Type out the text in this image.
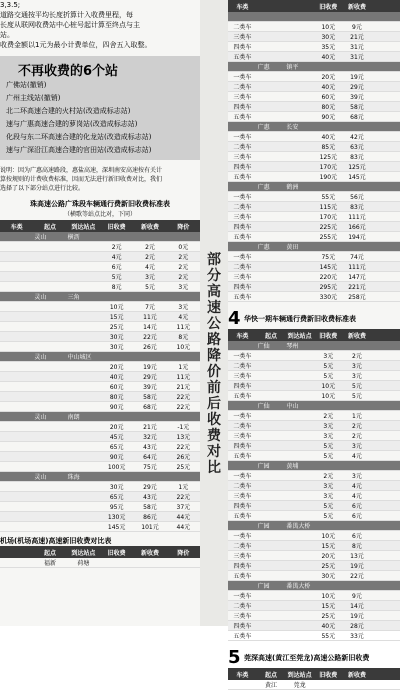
3,3.5;
道路交通按平均长度折算计入收费里程，每
长度从联网收费站中心桩号起计算至终点与主
站。
收费金额以1元为最小计费单位，四舍五入取整。
不再收费的6个站
广佛站(撤销)
广州主线站(撤销)
北二环高速合建的火村站(改造成标志站)
速与广惠高速合建的萝岗站(改造成标志站)
化段与东二环高速合建的化龙站(改造成标志站)
速与广深沿江高速合建的官田站(改造成标志站)
说明：因为广惠高速路段，惠盐高速，深圳南安高速按有关计
算按规则的计费收费标准，因而无法进行新旧收费对比，我们
选择了以下部分站点进行比较。
珠高速公路广珠段车辆通行费新旧收费标准表
（横歌等站点比对，下同）
车类	起点	到达站点	旧收费	新收费	降价
	灵山	横沥			
			2元	2元	0元
			4元	2元	2元
			6元	4元	2元
			5元	3元	2元
			8元	5元	3元
	灵山	三角			
			10元	7元	3元
			15元	11元	4元
			25元	14元	11元
			30元	22元	8元
			30元	26元	10元
	灵山	中山城区			
			20元	19元	1元
			40元	29元	11元
			60元	39元	21元
			80元	58元	22元
			90元	68元	22元
	灵山	南朗			
			20元	21元	-1元
			45元	32元	13元
			65元	43元	22元
			90元	64元	26元
			100元	75元	25元
	灵山	珠海			
			30元	29元	1元
			65元	43元	22元
			95元	58元	37元
			130元	86元	44元
			145元	101元	44元
机场(机场高速)高速新旧收费对比表
	起点	到达站点	旧收费	新收费	降价
	福新	荷塘			
部
分
高
速
公
路
降
价
前
后
收
费
对
比
车类			旧收费	新收费	

二类车			10元	9元	
三类车			30元	21元	
四类车			35元	31元	
五类车			40元	31元	
	广惠	镇平			
一类车			20元	19元	
二类车			40元	29元	
三类车			60元	39元	
四类车			80元	58元	
五类车			90元	68元	
	广惠	长安			
一类车			40元	42元	
二类车			85元	63元	
三类车			125元	83元	
四类车			170元	125元	
五类车			190元	145元	
	广惠	鹤洲			
一类车			55元	56元	
二类车			115元	83元	
三类车			170元	111元	
四类车			225元	166元	
五类车			255元	194元	
	广惠	黄田			
一类车			75元	74元	
二类车			145元	111元	
三类车			220元	147元	
四类车			295元	221元	
五类车			330元	258元	
4 华快一期车辆通行费新旧收费标准表
车类	起点	到达站点	旧收费	新收费	
	广仙	琴州			
一类车			3元	2元	
二类车			5元	3元	
三类车			5元	3元	
四类车			10元	5元	
五类车			10元	5元	
	广仙	中山			
一类车			2元	1元	
二类车			3元	2元	
三类车			3元	2元	
四类车			5元	3元	
五类车			5元	4元	
	广园	黄埔			
一类车			2元	3元	
二类车			3元	4元	
三类车			3元	4元	
四类车			5元	6元	
五类车			5元	6元	
	广园	番禺大桥			
一类车			10元	6元	
二类车			15元	8元	
三类车			20元	13元	
四类车			25元	19元	
五类车			30元	22元	
	广园	番禺大桥			
一类车			10元	9元	
二类车			15元	14元	
三类车			25元	19元	
四类车			40元	28元	
五类车			55元	33元	
5 莞深高速(黄江至莞龙)高速公路新旧收费
车类	起点	到达站点	旧收费	新收费	
	黄江	莞龙			
